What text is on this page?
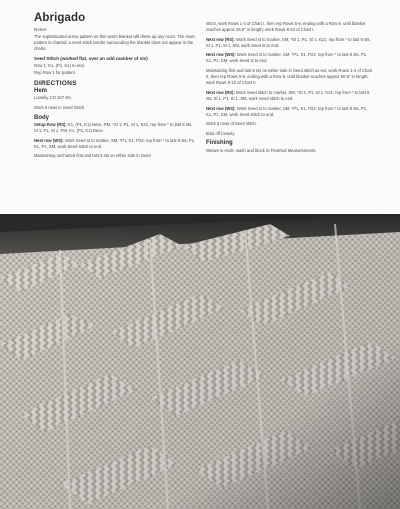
Abrigado
Notes:
The sophisticated arrow pattern on this warm blanket will dress up any room. The main pattern is charted; a seed stitch border surrounding the blanket does not appear in the charts.
Seed Stitch (worked flat, over an odd number of sts)
Row 1: K1, (P1, K1) to end.
Rep Row 1 for pattern.
DIRECTIONS
Hem
Loosely CO 157 sts.
Work 6 rows in Seed Stitch.
Body
Setup Row (RS): K1, (P1, K1) twice, PM, *Sl 1, P1, Sl 1, K21, rep from * to last 8 sts, Sl 1, P1, Sl 1, PM, K1, (P1, K1) twice.
Next row (WS): Work Seed st to marker, SM, *P1, K1, P22; rep from * to last 8 sts, P1, K1, P1, SM, work Seed stitch to end.
Maintaining uncharted first and last 5 sts on either side in Seed
stitch, work Rows 1-4 of Chart I, then rep Rows 5-8, ending with a Row 8, until blanket reaches approx 26.5" in length; work Rows 9-10 of Chart I.
Next row (RS): Work Seed st to marker, SM, *Sl 1, P1, Sl 1, K21; rep from * to last 8 sts, Sl 1, P1, Sl 1, SM, work Seed st to end.
Next row (WS): Work Seed st to marker, SM, *P1, K1, P22; rep from * to last 8 sts, P1, K1, P1, SM, work Seed st to end.
Maintaining first and last 5 sts on either side in Seed stitch as est, work Rows 1-4 of Chart II, then rep Rows 5-8, ending with a Row 8, until blanket reaches approx 50.5" in length; work Rows 9-10 of Chart II.
Next row (RS): Work Seed stitch to marker, SM, *Sl 1, P1, Sl 1, K21; rep from * to last 8 sts, Sl 1, P1, Sl 1, SM, work Seed stitch to end.
Next row (WS): Work Seed st to marker, SM, *P1, K1, P22; rep from * to last 8 sts, P1, K1, P1, SM, work Seed stitch to end.
Work 6 rows of Seed stitch.
Bind off loosely.
Finishing
Weave in ends, wash and block to Finished Measurements.
